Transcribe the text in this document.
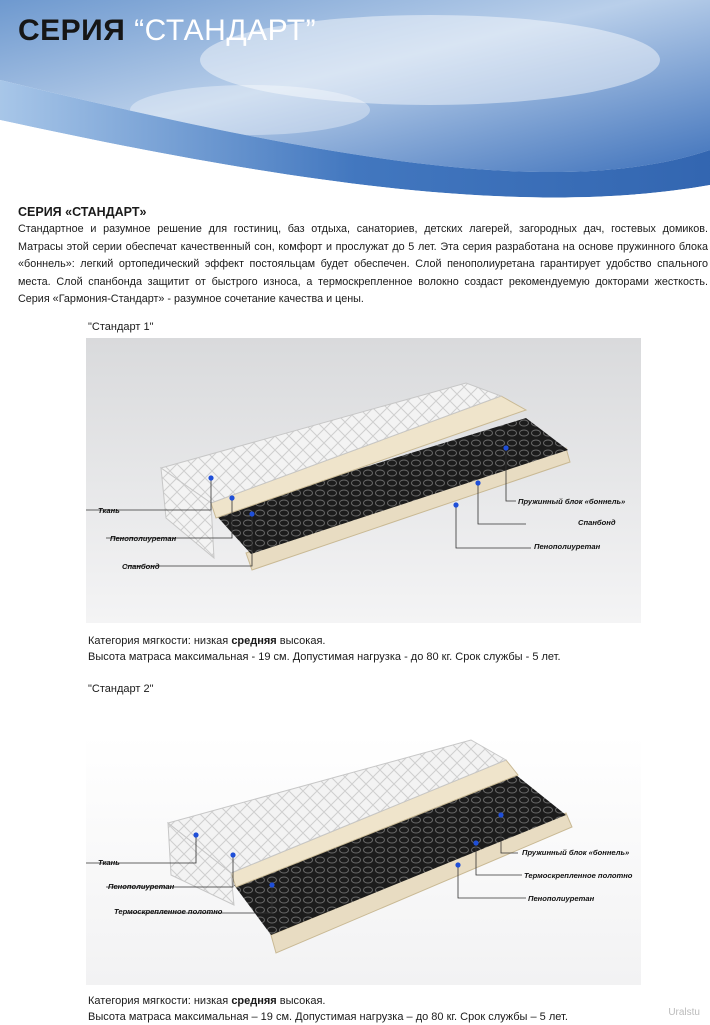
СЕРИЯ “СТАНДАРТ”
СЕРИЯ «СТАНДАРТ»
Стандартное и разумное решение для гостиниц, баз отдыха, санаториев, детских лагерей, загородных дач, гостевых домиков.
Матрасы этой серии обеспечат качественный сон, комфорт и прослужат до 5 лет. Эта серия разработана на основе пружинного блока
«боннель»: легкий ортопедический эффект постояльцам будет обеспечен. Слой пенополиуретана гарантирует удобство спального
места. Слой спанбонда защитит от быстрого износа, а термоскрепленное волокно создаст рекомендуемую докторами жесткость.
Серия «Гармония-Стандарт» - разумное сочетание качества и цены.
"Стандарт 1"
Ткань
Пенополиуретан
Спанбонд
Пружинный блок «боннель»
Спанбонд
Пенополиуретан
Категория мягкости: низкая средняя высокая.
Высота матраса максимальная - 19 см. Допустимая нагрузка - до 80 кг. Срок службы - 5 лет.
"Стандарт 2"
Ткань
Пенополиуретан
Термоскрепленное полотно
Пружинный блок «боннель»
Термоскрепленное полотно
Пенополиуретан
Категория мягкости: низкая средняя высокая.
Высота матраса максимальная – 19 см. Допустимая нагрузка – до 80 кг. Срок службы – 5 лет.	Uralstu
